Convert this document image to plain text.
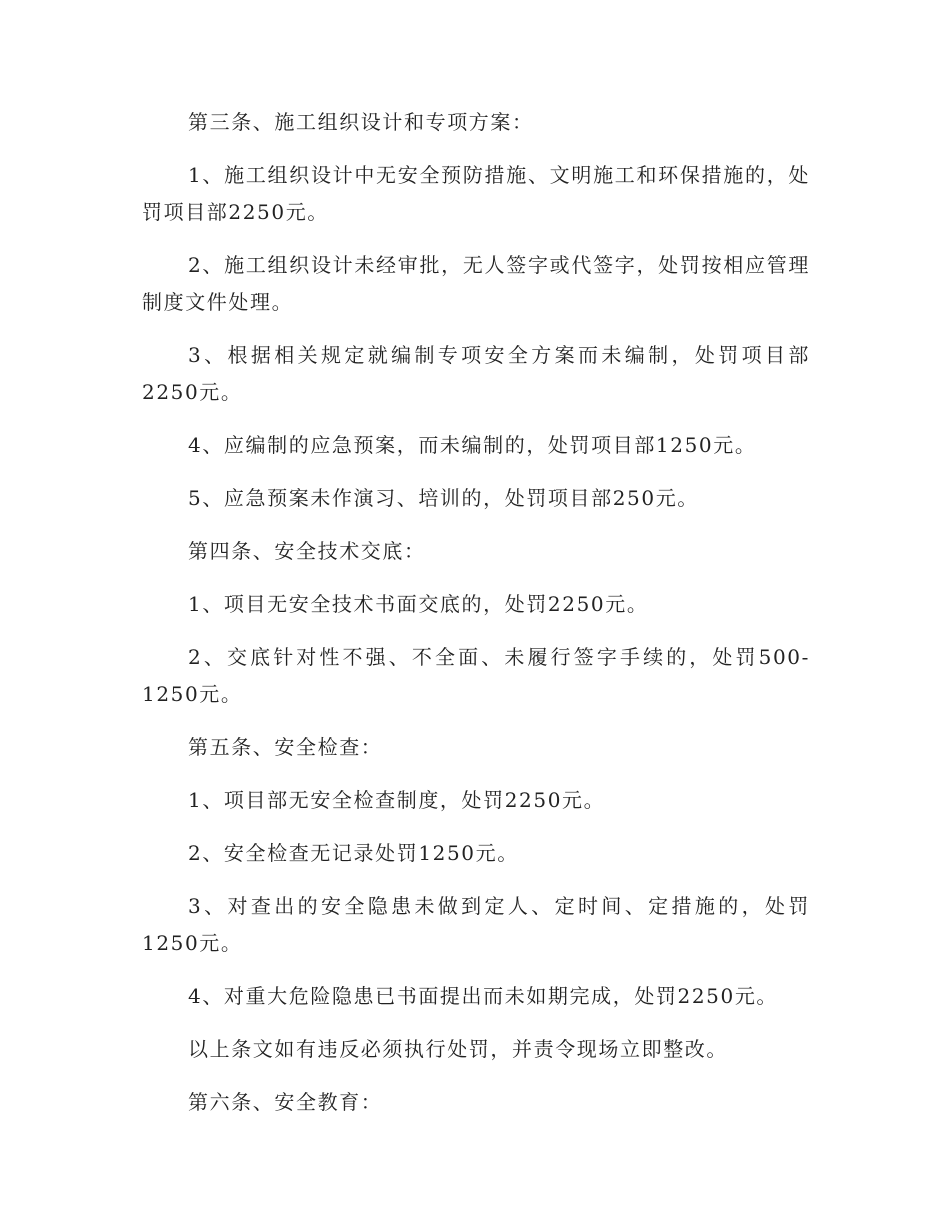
第三条、施工组织设计和专项方案：

1、施工组织设计中无安全预防措施、文明施工和环保措施的，处罚项目部2250元。

2、施工组织设计未经审批，无人签字或代签字，处罚按相应管理制度文件处理。

3、根据相关规定就编制专项安全方案而未编制，处罚项目部2250元。

4、应编制的应急预案，而未编制的，处罚项目部1250元。

5、应急预案未作演习、培训的，处罚项目部250元。

第四条、安全技术交底：

1、项目无安全技术书面交底的，处罚2250元。

2、交底针对性不强、不全面、未履行签字手续的，处罚500-1250元。

第五条、安全检查：

1、项目部无安全检查制度，处罚2250元。

2、安全检查无记录处罚1250元。

3、对查出的安全隐患未做到定人、定时间、定措施的，处罚1250元。

4、对重大危险隐患已书面提出而未如期完成，处罚2250元。

以上条文如有违反必须执行处罚，并责令现场立即整改。

第六条、安全教育：
